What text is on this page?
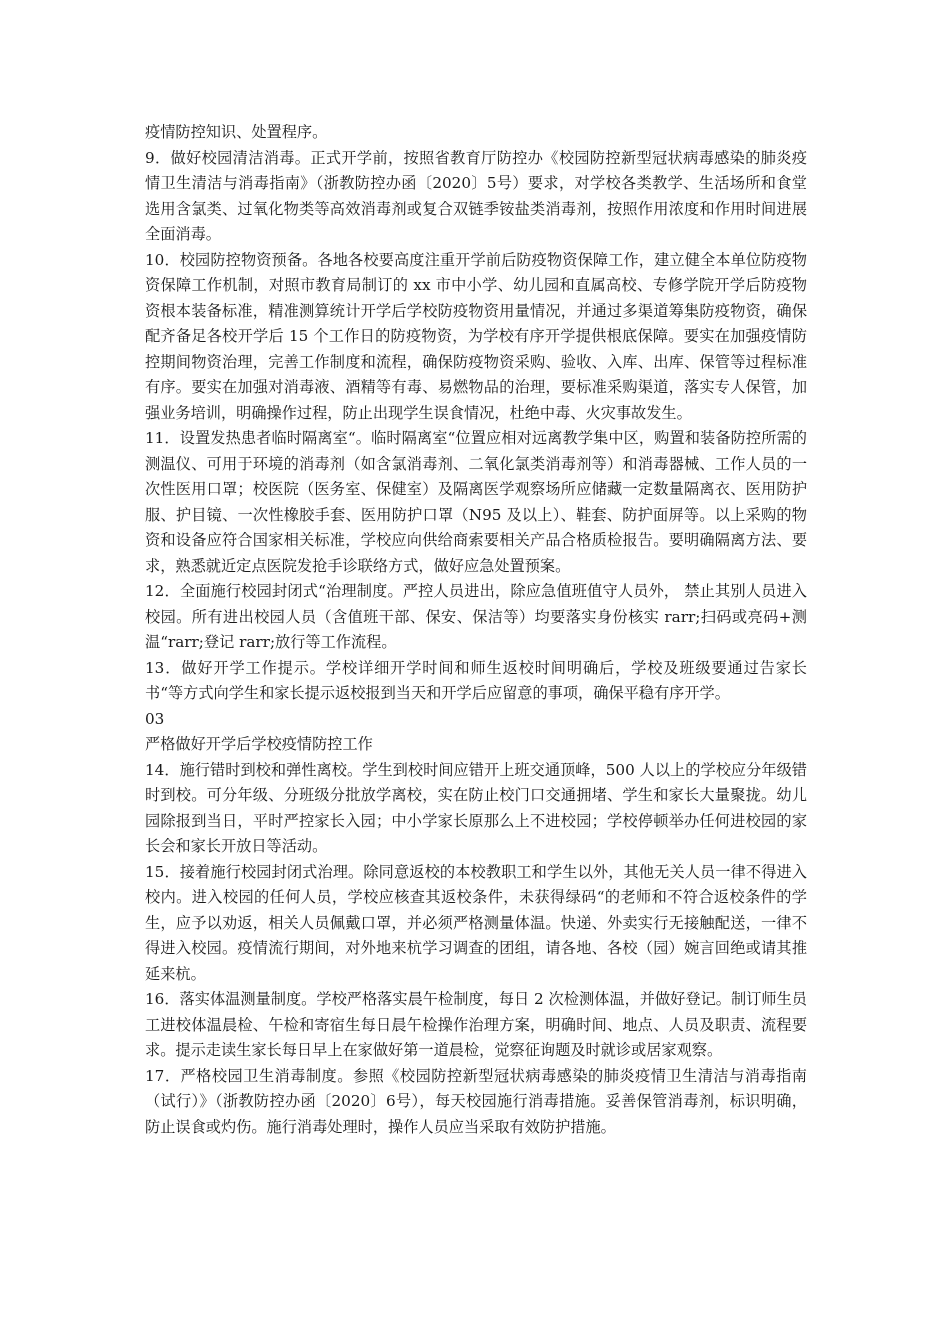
疫情防控知识、处置程序。

9．做好校园清洁消毒。正式开学前，按照省教育厅防控办《校园防控新型冠状病毒感染的肺炎疫情卫生清洁与消毒指南》（浙教防控办函〔2020〕5号）要求，对学校各类教学、生活场所和食堂选用含氯类、过氧化物类等高效消毒剂或复合双链季铵盐类消毒剂，按照作用浓度和作用时间进展全面消毒。

10．校园防控物资预备。各地各校要高度注重开学前后防疫物资保障工作，建立健全本单位防疫物资保障工作机制，对照市教育局制订的 xx 市中小学、幼儿园和直属高校、专修学院开学后防疫物资根本装备标准，精准测算统计开学后学校防疫物资用量情况，并通过多渠道筹集防疫物资，确保配齐备足各校开学后 15 个工作日的防疫物资，为学校有序开学提供根底保障。要实在加强疫情防控期间物资治理，完善工作制度和流程，确保防疫物资采购、验收、入库、出库、保管等过程标准有序。要实在加强对消毒液、酒精等有毒、易燃物品的治理，要标准采购渠道，落实专人保管，加强业务培训，明确操作过程，防止出现学生误食情况，杜绝中毒、火灾事故发生。

11．设置发热患者临时隔离室“。临时隔离室“位置应相对远离教学集中区，购置和装备防控所需的测温仪、可用于环境的消毒剂（如含氯消毒剂、二氧化氯类消毒剂等）和消毒器械、工作人员的一次性医用口罩；校医院（医务室、保健室）及隔离医学观察场所应储藏一定数量隔离衣、医用防护服、护目镜、一次性橡胶手套、医用防护口罩（N95 及以上）、鞋套、防护面屏等。以上采购的物资和设备应符合国家相关标准，学校应向供给商索要相关产品合格质检报告。要明确隔离方法、要求，熟悉就近定点医院发抢手诊联络方式，做好应急处置预案。

12．全面施行校园封闭式“治理制度。严控人员进出，除应急值班值守人员外， 禁止其别人员进入校园。所有进出校园人员（含值班干部、保安、保洁等）均要落实身份核实 rarr;扫码或亮码+测温“rarr;登记 rarr;放行等工作流程。

13．做好开学工作提示。学校详细开学时间和师生返校时间明确后，学校及班级要通过告家长书“等方式向学生和家长提示返校报到当天和开学后应留意的事项，确保平稳有序开学。

03

严格做好开学后学校疫情防控工作

14．施行错时到校和弹性离校。学生到校时间应错开上班交通顶峰，500 人以上的学校应分年级错时到校。可分年级、分班级分批放学离校，实在防止校门口交通拥堵、学生和家长大量聚拢。幼儿园除报到当日，平时严控家长入园；中小学家长原那么上不进校园；学校停顿举办任何进校园的家长会和家长开放日等活动。

15．接着施行校园封闭式治理。除同意返校的本校教职工和学生以外，其他无关人员一律不得进入校内。进入校园的任何人员，学校应核查其返校条件，未获得绿码“的老师和不符合返校条件的学生，应予以劝返，相关人员佩戴口罩，并必须严格测量体温。快递、外卖实行无接触配送，一律不得进入校园。疫情流行期间，对外地来杭学习调查的团组，请各地、各校（园）婉言回绝或请其推延来杭。

16．落实体温测量制度。学校严格落实晨午检制度，每日 2 次检测体温，并做好登记。制订师生员工进校体温晨检、午检和寄宿生每日晨午检操作治理方案，明确时间、地点、人员及职责、流程要求。提示走读生家长每日早上在家做好第一道晨检，觉察征询题及时就诊或居家观察。

17．严格校园卫生消毒制度。参照《校园防控新型冠状病毒感染的肺炎疫情卫生清洁与消毒指南（试行）》（浙教防控办函〔2020〕6号），每天校园施行消毒措施。妥善保管消毒剂，标识明确，防止误食或灼伤。施行消毒处理时，操作人员应当采取有效防护措施。
